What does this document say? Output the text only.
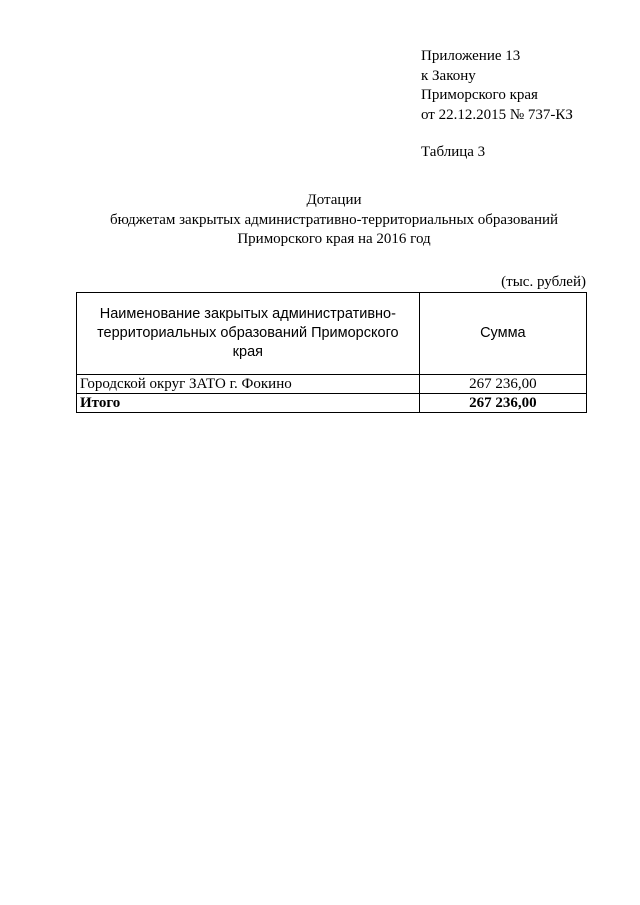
Приложение 13
к Закону
Приморского края
от 22.12.2015 № 737-КЗ
Таблица 3
Дотации
бюджетам закрытых административно-территориальных образований
Приморского края на 2016 год
(тыс. рублей)
Наименование закрытых административно-территориальных образований Приморского края	Сумма
Городской округ ЗАТО г. Фокино	267 236,00
Итого	267 236,00
